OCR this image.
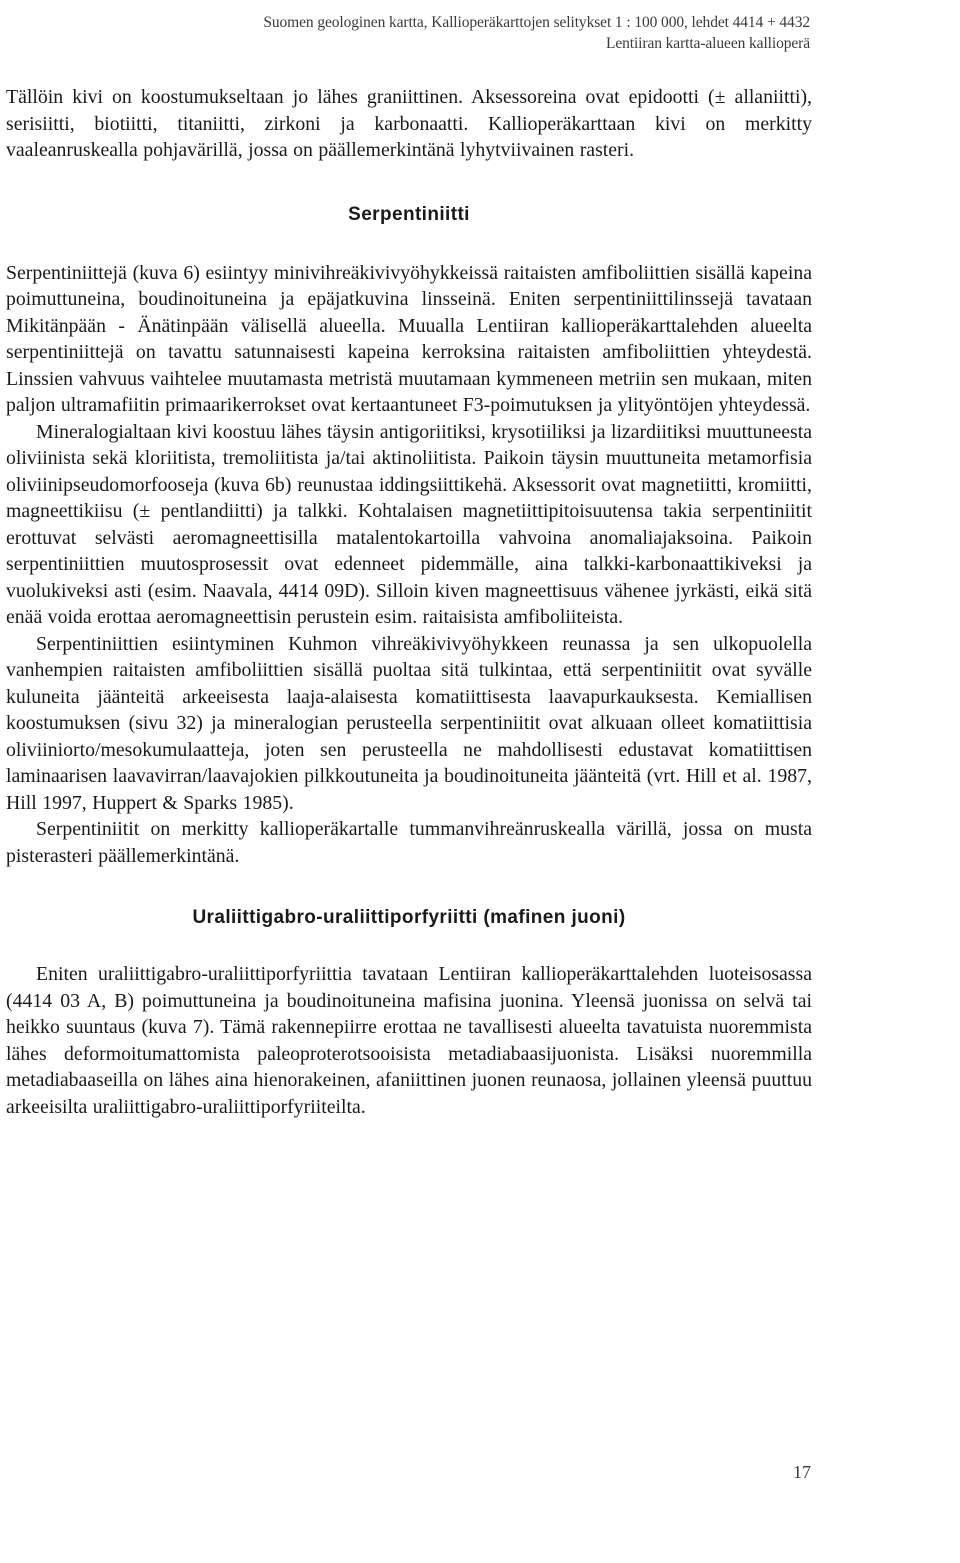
Suomen geologinen kartta, Kallioperäkarttojen selitykset 1 : 100 000, lehdet 4414 + 4432
Lentiiran kartta-alueen kallioperä

Tällöin kivi on koostumukseltaan jo lähes graniittinen. Aksessoreina ovat epidootti (± allaniitti), serisiitti, biotiitti, titaniitti, zirkoni ja karbonaatti. Kallioperäkarttaan kivi on merkitty vaaleanruskealla pohjavärillä, jossa on päällemerkintänä lyhytviivainen rasteri.

Serpentiniitti

Serpentiniittejä (kuva 6) esiintyy minivihreäkivivyöhykkeissä raitaisten amfiboliittien sisällä kapeina poimuttuneina, boudinoituneina ja epäjatkuvina linsseinä. Eniten serpentiniittilinssejä tavataan Mikitänpään - Änätinpään välisellä alueella. Muualla Lentiiran kallioperäkarttalehden alueelta serpentiniittejä on tavattu satunnaisesti kapeina kerroksina raitaisten amfiboliittien yhteydestä. Linssien vahvuus vaihtelee muutamasta metristä muutamaan kymmeneen metriin sen mukaan, miten paljon ultramafiitin primaarikerrokset ovat kertaantuneet F3-poimutuksen ja ylityöntöjen yhteydessä.

Mineralogialtaan kivi koostuu lähes täysin antigoriitiksi, krysotiiliksi ja lizardiitiksi muuttuneesta oliviinista sekä kloriitista, tremoliitista ja/tai aktinoliitista. Paikoin täysin muuttuneita metamorfisia oliviinipseudomorfooseja (kuva 6b) reunustaa iddingsiittikehä. Aksessorit ovat magnetiitti, kromiitti, magneettikiisu (± pentlandiitti) ja talkki. Kohtalaisen magnetiittipitoisuutensa takia serpentiniitit erottuvat selvästi aeromagneettisilla matalentokartoilla vahvoina anomaliajaksoina. Paikoin serpentiniittien muutosprosessit ovat edenneet pidemmälle, aina talkki-karbonaattikiveksi ja vuolukiveksi asti (esim. Naavala, 4414 09D). Silloin kiven magneettisuus vähenee jyrkästi, eikä sitä enää voida erottaa aeromagneettisin perustein esim. raitaisista amfiboliiteista.

Serpentiniittien esiintyminen Kuhmon vihreäkivivyöhykkeen reunassa ja sen ulkopuolella vanhempien raitaisten amfiboliittien sisällä puoltaa sitä tulkintaa, että serpentiniitit ovat syvälle kuluneita jäänteitä arkeeisesta laaja-alaisesta komatiittisesta laavapurkauksesta. Kemiallisen koostumuksen (sivu 32) ja mineralogian perusteella serpentiniitit ovat alkuaan olleet komatiittisia oliviiniorto/mesokumulaatteja, joten sen perusteella ne mahdollisesti edustavat komatiittisen laminaarisen laavavirran/laavajokien pilkkoutuneita ja boudinoituneita jäänteitä (vrt. Hill et al. 1987, Hill 1997, Huppert & Sparks 1985).

Serpentiniitit on merkitty kallioperäkartalle tummanvihreänruskealla värillä, jossa on musta pisterasteri päällemerkintänä.

Uraliittigabro-uraliittiporfyriitti (mafinen juoni)

Eniten uraliittigabro-uraliittiporfyriittia tavataan Lentiiran kallioperäkarttalehden luoteisosassa (4414 03 A, B) poimuttuneina ja boudinoituneina mafisina juonina. Yleensä juonissa on selvä tai heikko suuntaus (kuva 7). Tämä rakennepiirre erottaa ne tavallisesti alueelta tavatuista nuoremmista lähes deformoitumattomista paleoproterotsooisista metadiabaasijuonista. Lisäksi nuoremmilla metadiabaaseilla on lähes aina hienorakeinen, afaniittinen juonen reunaosa, jollainen yleensä puuttuu arkeeisilta uraliittigabro-uraliittiporfyriiteilta.

17
